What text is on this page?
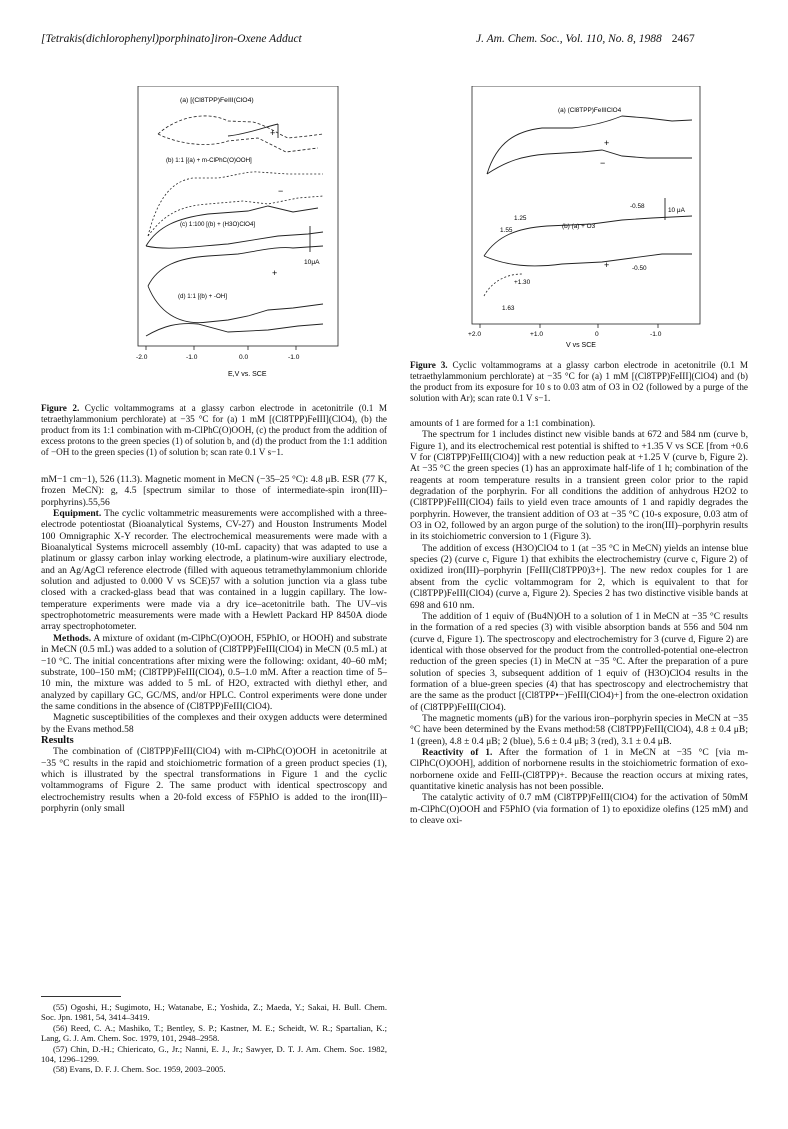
[Tetrakis(dichlorophenyl)porphinato]iron-Oxene Adduct	J. Am. Chem. Soc., Vol. 110, No. 8, 1988 2467
(a) [(Cl8TPP)FeIII(ClO4)
(b) 1:1 [(a) + m-ClPhC(O)OOH]
(c) 1:100 [(b) + (H3O)ClO4]
(d) 1:1 [(b) + -OH]
+
+
−
10μA
-2.0	-1.0	0.0	-1.0
E,V vs. SCE
Figure 2. Cyclic voltammograms at a glassy carbon electrode in acetonitrile (0.1 M tetraethylammonium perchlorate) at −35 °C for (a) 1 mM [(Cl8TPP)FeIII](ClO4), (b) the product from its 1:1 combination with m-ClPhC(O)OOH, (c) the product from the addition of excess protons to the green species (1) of solution b, and (d) the product from the 1:1 addition of −OH to the green species (1) of solution b; scan rate 0.1 V s−1.

mM−1 cm−1), 526 (11.3). Magnetic moment in MeCN (−35–25 °C): 4.8 μB. ESR (77 K, frozen MeCN): g, 4.5 [spectrum similar to those of intermediate-spin iron(III)–porphyrins).55,56

Equipment. The cyclic voltammetric measurements were accomplished with a three-electrode potentiostat (Bioanalytical Systems, CV-27) and Houston Instruments Model 100 Omnigraphic X-Y recorder. The electrochemical measurements were made with a Bioanalytical Systems microcell assembly (10-mL capacity) that was adapted to use a platinum or glassy carbon inlay working electrode, a platinum-wire auxiliary electrode, and an Ag/AgCl reference electrode (filled with aqueous tetramethylammonium chloride solution and adjusted to 0.000 V vs SCE)57 with a solution junction via a glass tube closed with a cracked-glass bead that was contained in a luggin capillary. The low-temperature experiments were made via a dry ice–acetonitrile bath. The UV–vis spectrophotometric measurements were made with a Hewlett Packard HP 8450A diode array spectrophotometer.

Methods. A mixture of oxidant (m-ClPhC(O)OOH, F5PhIO, or HOOH) and substrate in MeCN (0.5 mL) was added to a solution of (Cl8TPP)FeIII(ClO4) in MeCN (0.5 mL) at −10 °C. The initial concentrations after mixing were the following: oxidant, 40–60 mM; substrate, 100–150 mM; (Cl8TPP)FeIII(ClO4), 0.5–1.0 mM. After a reaction time of 5–10 min, the mixture was added to 5 mL of H2O, extracted with diethyl ether, and analyzed by capillary GC, GC/MS, and/or HPLC. Control experiments were done under the same conditions in the absence of (Cl8TPP)FeIII(ClO4).

Magnetic susceptibilities of the complexes and their oxygen adducts were determined by the Evans method.58

Results

The combination of (Cl8TPP)FeIII(ClO4) with m-ClPhC(O)OOH in acetonitrile at −35 °C results in the rapid and stoichiometric formation of a green product species (1), which is illustrated by the spectral transformations in Figure 1 and the cyclic voltammograms of Figure 2. The same product with identical spectroscopy and electrochemistry results when a 20-fold excess of F5PhIO is added to the iron(III)–porphyrin (only small

(55) Ogoshi, H.; Sugimoto, H.; Watanabe, E.; Yoshida, Z.; Maeda, Y.; Sakai, H. Bull. Chem. Soc. Jpn. 1981, 54, 3414–3419.
(56) Reed, C. A.; Mashiko, T.; Bentley, S. P.; Kastner, M. E.; Scheidt, W. R.; Spartalian, K.; Lang, G. J. Am. Chem. Soc. 1979, 101, 2948–2958.
(57) Chin, D.-H.; Chiericato, G., Jr.; Nanni, E. J., Jr.; Sawyer, D. T. J. Am. Chem. Soc. 1982, 104, 1296–1299.
(58) Evans, D. F. J. Chem. Soc. 1959, 2003–2005.
(a) (Cl8TPP)FeIIIClO4
(b) (a) + O3
1.25
1.55
-0.58
-0.50
+1.30
1.63
+
+
−
10 μA
+2.0	+1.0	0	-1.0
V vs SCE
Figure 3. Cyclic voltammograms at a glassy carbon electrode in acetonitrile (0.1 M tetraethylammonium perchlorate) at −35 °C for (a) 1 mM [(Cl8TPP)FeIII](ClO4) and (b) the product from its exposure for 10 s to 0.03 atm of O3 in O2 (followed by a purge of the solution with Ar); scan rate 0.1 V s−1.

amounts of 1 are formed for a 1:1 combination).

The spectrum for 1 includes distinct new visible bands at 672 and 584 nm (curve b, Figure 1), and its electrochemical rest potential is shifted to +1.35 V vs SCE [from +0.6 V for (Cl8TPP)FeIII(ClO4)] with a new reduction peak at +1.25 V (curve b, Figure 2). At −35 °C the green species (1) has an approximate half-life of 1 h; combination of the reagents at room temperature results in a transient green color prior to the rapid degradation of the porphyrin. For all conditions the addition of anhydrous H2O2 to (Cl8TPP)FeIII(ClO4) fails to yield even trace amounts of 1 and rapidly degrades the porphyrin. However, the transient addition of O3 at −35 °C (10-s exposure, 0.03 atm of O3 in O2, followed by an argon purge of the solution) to the iron(III)–porphyrin results in its stoichiometric conversion to 1 (Figure 3).

The addition of excess (H3O)ClO4 to 1 (at −35 °C in MeCN) yields an intense blue species (2) (curve c, Figure 1) that exhibits the electrochemistry (curve c, Figure 2) of oxidized iron(III)–porphyrin [FeIII(Cl8TPP0)3+]. The new redox couples for 1 are absent from the cyclic voltammogram for 2, which is equivalent to that for (Cl8TPP)FeIII(ClO4) (curve a, Figure 2). Species 2 has two distinctive visible bands at 698 and 610 nm.

The addition of 1 equiv of (Bu4N)OH to a solution of 1 in MeCN at −35 °C results in the formation of a red species (3) with visible absorption bands at 556 and 504 nm (curve d, Figure 1). The spectroscopy and electrochemistry for 3 (curve d, Figure 2) are identical with those observed for the product from the controlled-potential one-electron reduction of the green species (1) in MeCN at −35 °C. After the preparation of a pure solution of species 3, subsequent addition of 1 equiv of (H3O)ClO4 results in the formation of a blue-green species (4) that has spectroscopy and electrochemistry that are the same as the product [(Cl8TPP•−)FeIII(ClO4)+] from the one-electron oxidation of (Cl8TPP)FeIII(ClO4).

The magnetic moments (μB) for the various iron–porphyrin species in MeCN at −35 °C have been determined by the Evans method:58 (Cl8TPP)FeIII(ClO4), 4.8 ± 0.4 μB; 1 (green), 4.8 ± 0.4 μB; 2 (blue), 5.6 ± 0.4 μB; 3 (red), 3.1 ± 0.4 μB.

Reactivity of 1. After the formation of 1 in MeCN at −35 °C [via m-ClPhC(O)OOH], addition of norbornene results in the stoichiometric formation of exo-norbornene oxide and FeIII-(Cl8TPP)+. Because the reaction occurs at mixing rates, quantitative kinetic analysis has not been possible.

The catalytic activity of 0.7 mM (Cl8TPP)FeIII(ClO4) for the activation of 50mM m-ClPhC(O)OOH and F5PhIO (via formation of 1) to epoxidize olefins (125 mM) and to cleave oxi-
